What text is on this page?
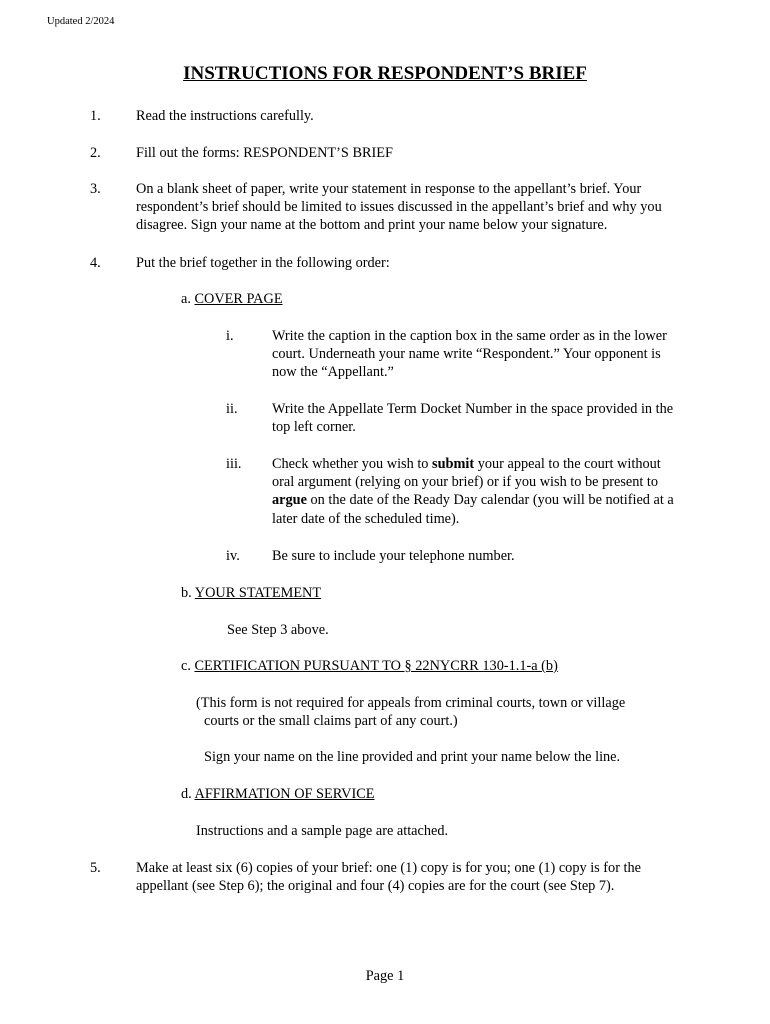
Updated 2/2024
INSTRUCTIONS FOR RESPONDENT’S BRIEF
1. Read the instructions carefully.
2. Fill out the forms: RESPONDENT’S BRIEF
3. On a blank sheet of paper, write your statement in response to the appellant’s brief. Your respondent’s brief should be limited to issues discussed in the appellant’s brief and why you disagree. Sign your name at the bottom and print your name below your signature.
4. Put the brief together in the following order:
a. COVER PAGE
i.	Write the caption in the caption box in the same order as in the lower court. Underneath your name write “Respondent.” Your opponent is now the “Appellant.”
ii. Write the Appellate Term Docket Number in the space provided in the top left corner.
iii. Check whether you wish to submit your appeal to the court without oral argument (relying on your brief) or if you wish to be present to argue on the date of the Ready Day calendar (you will be notified at a later date of the scheduled time).
iv. Be sure to include your telephone number.
b. YOUR STATEMENT
See Step 3 above.
c. CERTIFICATION PURSUANT TO § 22NYCRR 130-1.1-a (b)
(This form is not required for appeals from criminal courts, town or village
courts or the small claims part of any court.)
Sign your name on the line provided and print your name below the line.
d. AFFIRMATION OF SERVICE
Instructions and a sample page are attached.
5. Make at least six (6) copies of your brief: one (1) copy is for you; one (1) copy is for the appellant (see Step 6); the original and four (4) copies are for the court (see Step 7).
Page 1
